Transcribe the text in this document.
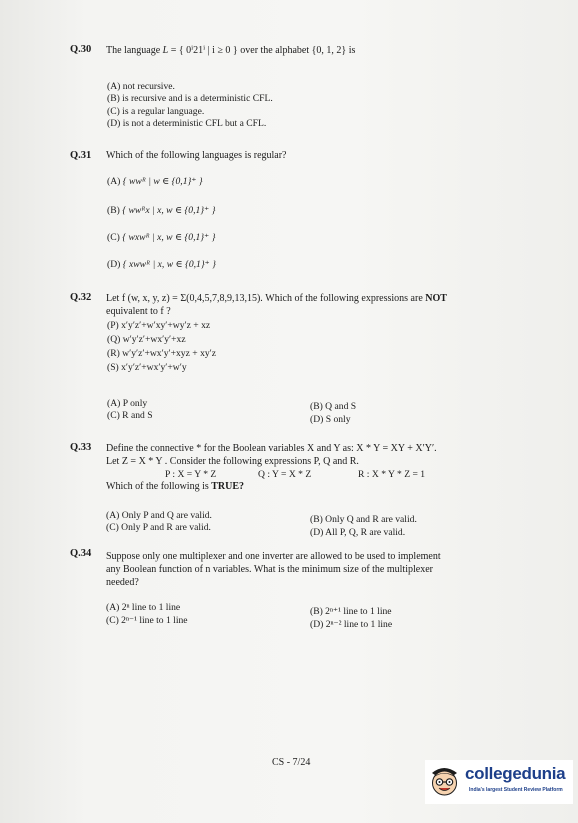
Q.30 The language L = { 0ⁱ21ⁱ | i ≥ 0 } over the alphabet {0, 1, 2} is
(A) not recursive.
(B) is recursive and is a deterministic CFL.
(C) is a regular language.
(D) is not a deterministic CFL but a CFL.
Q.31 Which of the following languages is regular?
(A) { wwᴿ | w ∈ {0,1}⁺ }
(B) { wwᴿx | x, w ∈ {0,1}⁺ }
(C) { wxwᴿ | x, w ∈ {0,1}⁺ }
(D) { xwwᴿ | x, w ∈ {0,1}⁺ }
Q.32 Let f (w, x, y, z) = Σ(0,4,5,7,8,9,13,15). Which of the following expressions are NOT
equivalent to f ?
(P) x′y′z′+w′xy′+wy′z + xz
(Q) w′y′z′+wx′y′+xz
(R) w′y′z′+wx′y′+xyz + xy′z
(S) x′y′z′+wx′y′+w′y
(A) P only	(B) Q and S
(C) R and S	(D) S only
Q.33 Define the connective * for the Boolean variables X and Y as: X * Y = XY + X′Y′.
Let Z = X * Y . Consider the following expressions P, Q and R.
P : X = Y * Z	Q : Y = X * Z	R : X * Y * Z = 1
Which of the following is TRUE?
(A) Only P and Q are valid.	(B) Only Q and R are valid.
(C) Only P and R are valid.	(D) All P, Q, R are valid.
Q.34 Suppose only one multiplexer and one inverter are allowed to be used to implement
any Boolean function of n variables. What is the minimum size of the multiplexer
needed?
(A) 2ⁿ line to 1 line	(B) 2ⁿ⁺¹ line to 1 line
(C) 2ⁿ⁻¹ line to 1 line	(D) 2ⁿ⁻² line to 1 line
CS - 7/24
collegedunia
India's largest Student Review Platform
